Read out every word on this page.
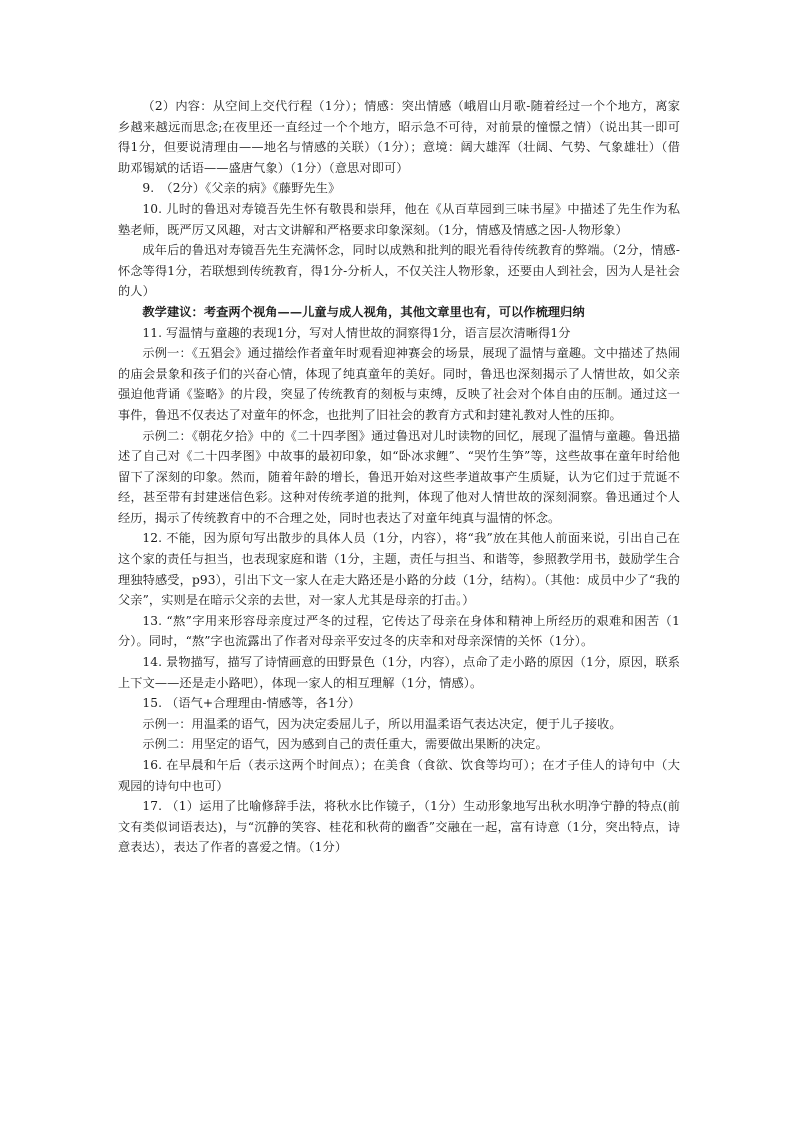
（2）内容：从空间上交代行程（1分）；情感：突出情感（峨眉山月歌-随着经过一个个地方，离家乡越来越远而思念;在夜里还一直经过一个个地方，昭示急不可待，对前景的憧憬之情）（说出其一即可得1分，但要说清理由——地名与情感的关联）（1分）；意境：阔大雄浑（壮阔、气势、气象雄壮）（借助邓锡斌的话语——盛唐气象）（1分）（意思对即可）

9.　（2分）《父亲的病》《藤野先生》

10. 儿时的鲁迅对寿镜吾先生怀有敬畏和崇拜，他在《从百草园到三味书屋》中描述了先生作为私塾老师，既严厉又风趣，对古文讲解和严格要求印象深刻。（1分，情感及情感之因-人物形象）

成年后的鲁迅对寿镜吾先生充满怀念，同时以成熟和批判的眼光看待传统教育的弊端。（2分，情感-怀念等得1分，若联想到传统教育，得1分-分析人，不仅关注人物形象，还要由人到社会，因为人是社会的人）

教学建议：考查两个视角——儿童与成人视角，其他文章里也有，可以作梳理归纳

11. 写温情与童趣的表现1分，写对人情世故的洞察得1分，语言层次清晰得1分

示例一：《五猖会》通过描绘作者童年时观看迎神赛会的场景，展现了温情与童趣。文中描述了热闹的庙会景象和孩子们的兴奋心情，体现了纯真童年的美好。同时，鲁迅也深刻揭示了人情世故，如父亲强迫他背诵《鉴略》的片段，突显了传统教育的刻板与束缚，反映了社会对个体自由的压制。通过这一事件，鲁迅不仅表达了对童年的怀念，也批判了旧社会的教育方式和封建礼教对人性的压抑。

示例二：《朝花夕拾》中的《二十四孝图》通过鲁迅对儿时读物的回忆，展现了温情与童趣。鲁迅描述了自己对《二十四孝图》中故事的最初印象，如“卧冰求鲤”、“哭竹生笋”等，这些故事在童年时给他留下了深刻的印象。然而，随着年龄的增长，鲁迅开始对这些孝道故事产生质疑，认为它们过于荒诞不经，甚至带有封建迷信色彩。这种对传统孝道的批判，体现了他对人情世故的深刻洞察。鲁迅通过个人经历，揭示了传统教育中的不合理之处，同时也表达了对童年纯真与温情的怀念。

12. 不能，因为原句写出散步的具体人员（1分，内容），将“我”放在其他人前面来说，引出自己在这个家的责任与担当，也表现家庭和谐（1分，主题，责任与担当、和谐等，参照教学用书，鼓励学生合理独特感受，p93），引出下文一家人在走大路还是小路的分歧（1分，结构）。（其他：成员中少了“我的父亲”，实则是在暗示父亲的去世，对一家人尤其是母亲的打击。）

13. “熬”字用来形容母亲度过严冬的过程，它传达了母亲在身体和精神上所经历的艰难和困苦（1分）。同时，“熬”字也流露出了作者对母亲平安过冬的庆幸和对母亲深情的关怀（1分）。

14. 景物描写，描写了诗情画意的田野景色（1分，内容），点命了走小路的原因（1分，原因，联系上下文——还是走小路吧），体现一家人的相互理解（1分，情感）。

15. （语气+合理理由-情感等，各1分）

示例一：用温柔的语气，因为决定委屈儿子，所以用温柔语气表达决定，便于儿子接收。

示例二：用坚定的语气，因为感到自己的责任重大，需要做出果断的决定。

16. 在早晨和午后（表示这两个时间点）；在美食（食欲、饮食等均可）；在才子佳人的诗句中（大观园的诗句中也可）

17. （1）运用了比喻修辞手法，将秋水比作镜子，（1分）生动形象地写出秋水明净宁静的特点(前文有类似词语表达)，与“沉静的笑容、桂花和秋荷的幽香”交融在一起，富有诗意（1分，突出特点，诗意表达），表达了作者的喜爱之情。（1分）
